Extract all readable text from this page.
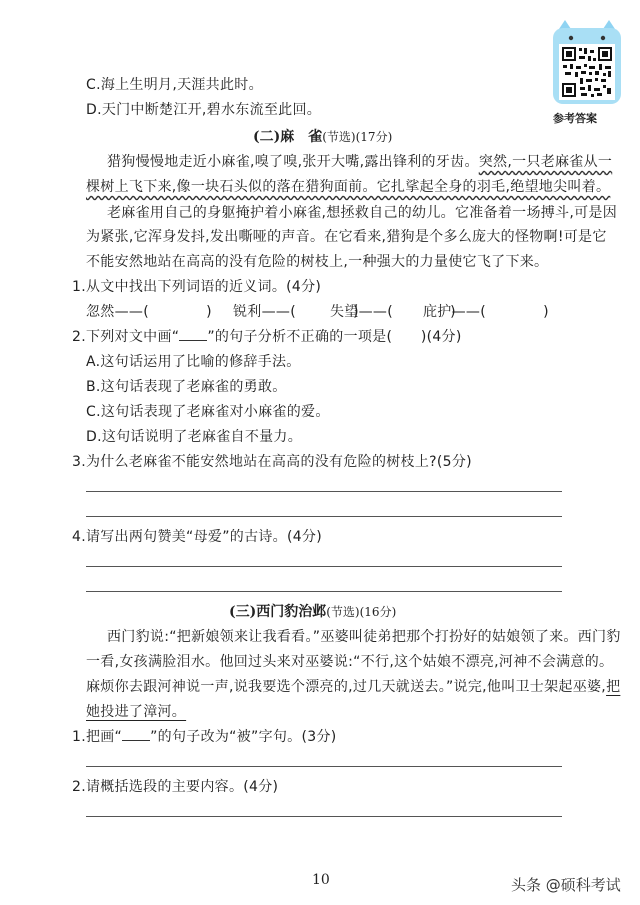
C.海上生明月,天涯共此时。
D.天门中断楚江开,碧水东流至此回。
参考答案
(二)麻　雀(节选)(17分)
猎狗慢慢地走近小麻雀,嗅了嗅,张开大嘴,露出锋利的牙齿。突然,一只老麻雀从一
棵树上飞下来,像一块石头似的落在猎狗面前。它扎挲起全身的羽毛,绝望地尖叫着。
老麻雀用自己的身躯掩护着小麻雀,想拯救自己的幼儿。它准备着一场搏斗,可是因
为紧张,它浑身发抖,发出嘶哑的声音。在它看来,猎狗是个多么庞大的怪物啊!可是它
不能安然地站在高高的没有危险的树枝上,一种强大的力量使它飞了下来。
1.从文中找出下列词语的近义词。(4分)
忽然——(　　　　) 锐利——(　　　　)
失望——(　　　　)
庇护——(　　　　)
2.下列对文中画“ ”的句子分析不正确的一项是(　　)(4分)
A.这句话运用了比喻的修辞手法。
B.这句话表现了老麻雀的勇敢。
C.这句话表现了老麻雀对小麻雀的爱。
D.这句话说明了老麻雀自不量力。
3.为什么老麻雀不能安然地站在高高的没有危险的树枝上?(5分)
4.请写出两句赞美“母爱”的古诗。(4分)
(三)西门豹治邺(节选)(16分)
西门豹说:“把新娘领来让我看看。”巫婆叫徒弟把那个打扮好的姑娘领了来。西门豹
一看,女孩满脸泪水。他回过头来对巫婆说:“不行,这个姑娘不漂亮,河神不会满意的。
麻烦你去跟河神说一声,说我要选个漂亮的,过几天就送去。”说完,他叫卫士架起巫婆,把
她投进了漳河。
1.把画“ ”的句子改为“被”字句。(3分)
2.请概括选段的主要内容。(4分)
10	头条 @硕科考试
